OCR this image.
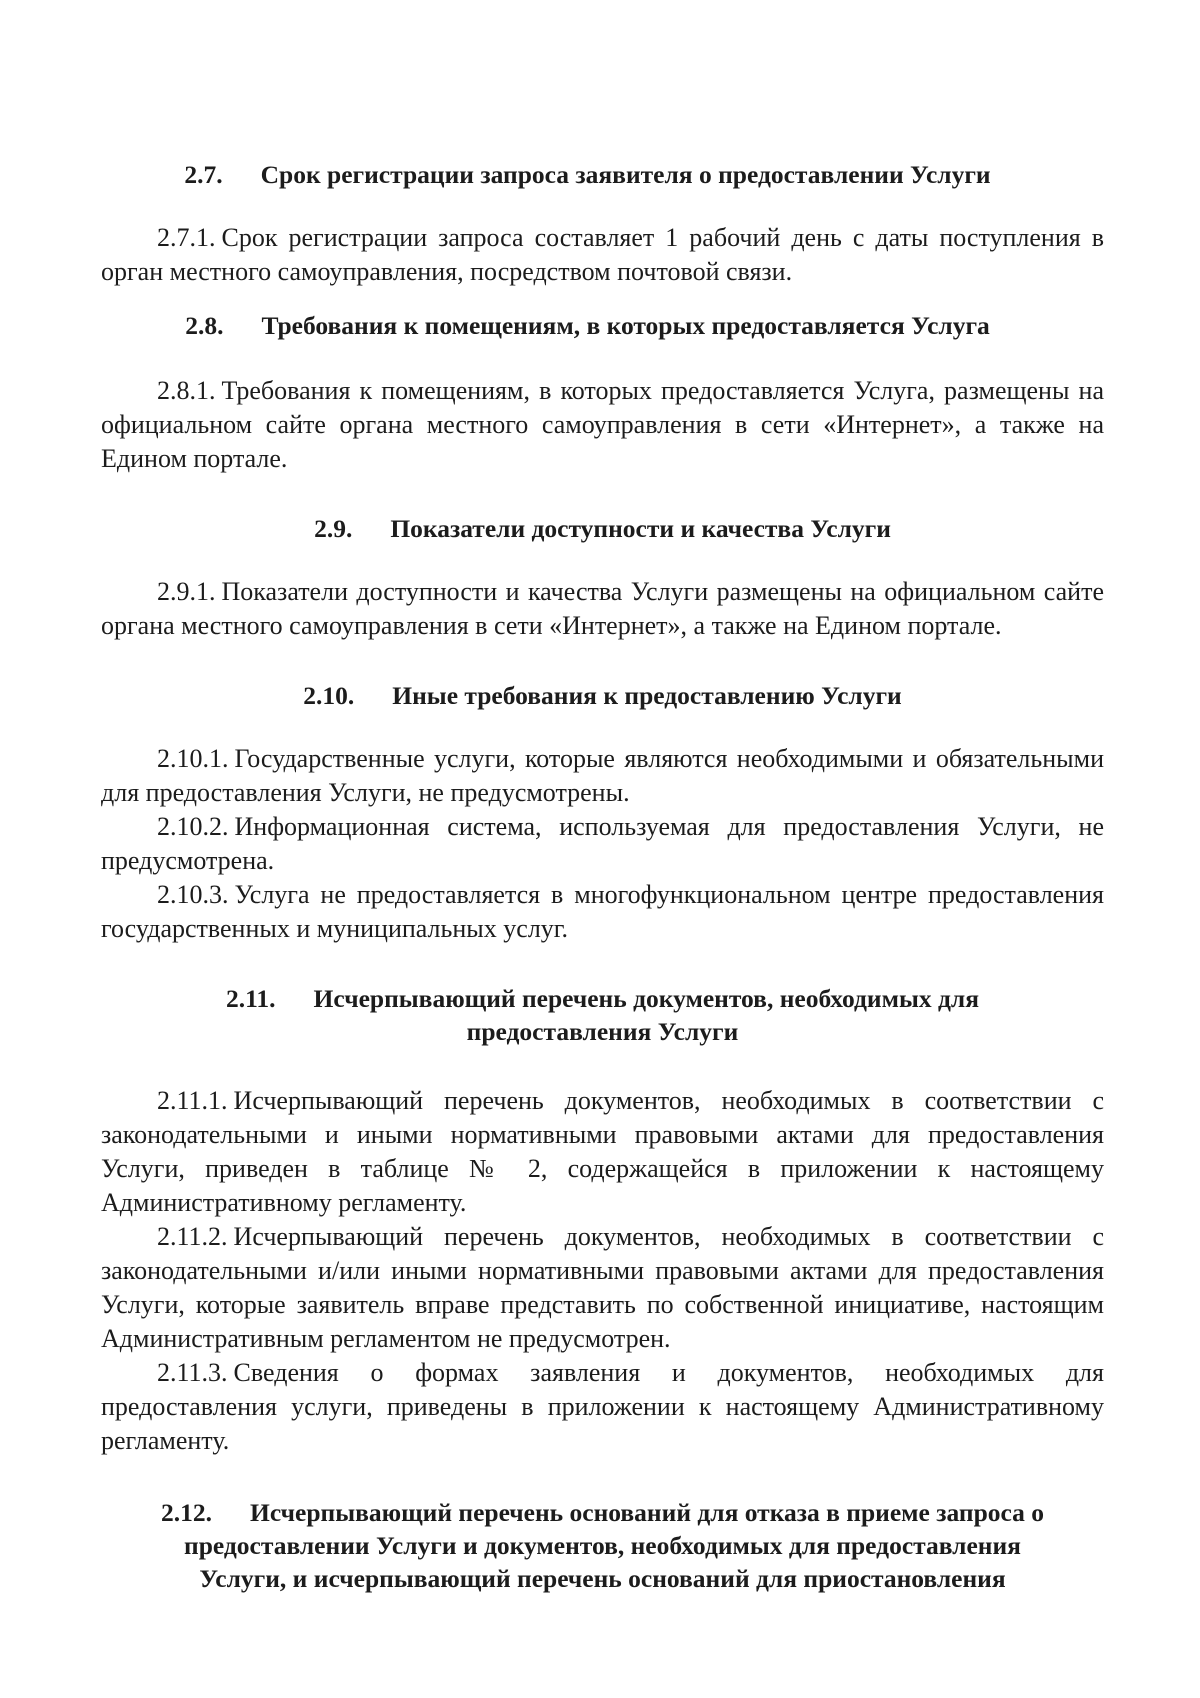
2.7. Срок регистрации запроса заявителя о предоставлении Услуги

2.7.1. Срок регистрации запроса составляет 1 рабочий день с даты поступления в орган местного самоуправления, посредством почтовой связи.

2.8. Требования к помещениям, в которых предоставляется Услуга

2.8.1. Требования к помещениям, в которых предоставляется Услуга, размещены на официальном сайте органа местного самоуправления в сети «Интернет», а также на Едином портале.

2.9. Показатели доступности и качества Услуги

2.9.1. Показатели доступности и качества Услуги размещены на официальном сайте органа местного самоуправления в сети «Интернет», а также на Едином портале.

2.10. Иные требования к предоставлению Услуги

2.10.1. Государственные услуги, которые являются необходимыми и обязательными для предоставления Услуги, не предусмотрены.

2.10.2. Информационная система, используемая для предоставления Услуги, не предусмотрена.

2.10.3. Услуга не предоставляется в многофункциональном центре предоставления государственных и муниципальных услуг.

2.11. Исчерпывающий перечень документов, необходимых для
предоставления Услуги

2.11.1. Исчерпывающий перечень документов, необходимых в соответствии с законодательными и иными нормативными правовыми актами для предоставления Услуги, приведен в таблице № 2, содержащейся в приложении к настоящему Административному регламенту.

2.11.2. Исчерпывающий перечень документов, необходимых в соответствии с законодательными и/или иными нормативными правовыми актами для предоставления Услуги, которые заявитель вправе представить по собственной инициативе, настоящим Административным регламентом не предусмотрен.

2.11.3. Сведения о формах заявления и документов, необходимых для предоставления услуги, приведены в приложении к настоящему Административному регламенту.

2.12. Исчерпывающий перечень оснований для отказа в приеме запроса о
предоставлении Услуги и документов, необходимых для предоставления
Услуги, и исчерпывающий перечень оснований для приостановления
